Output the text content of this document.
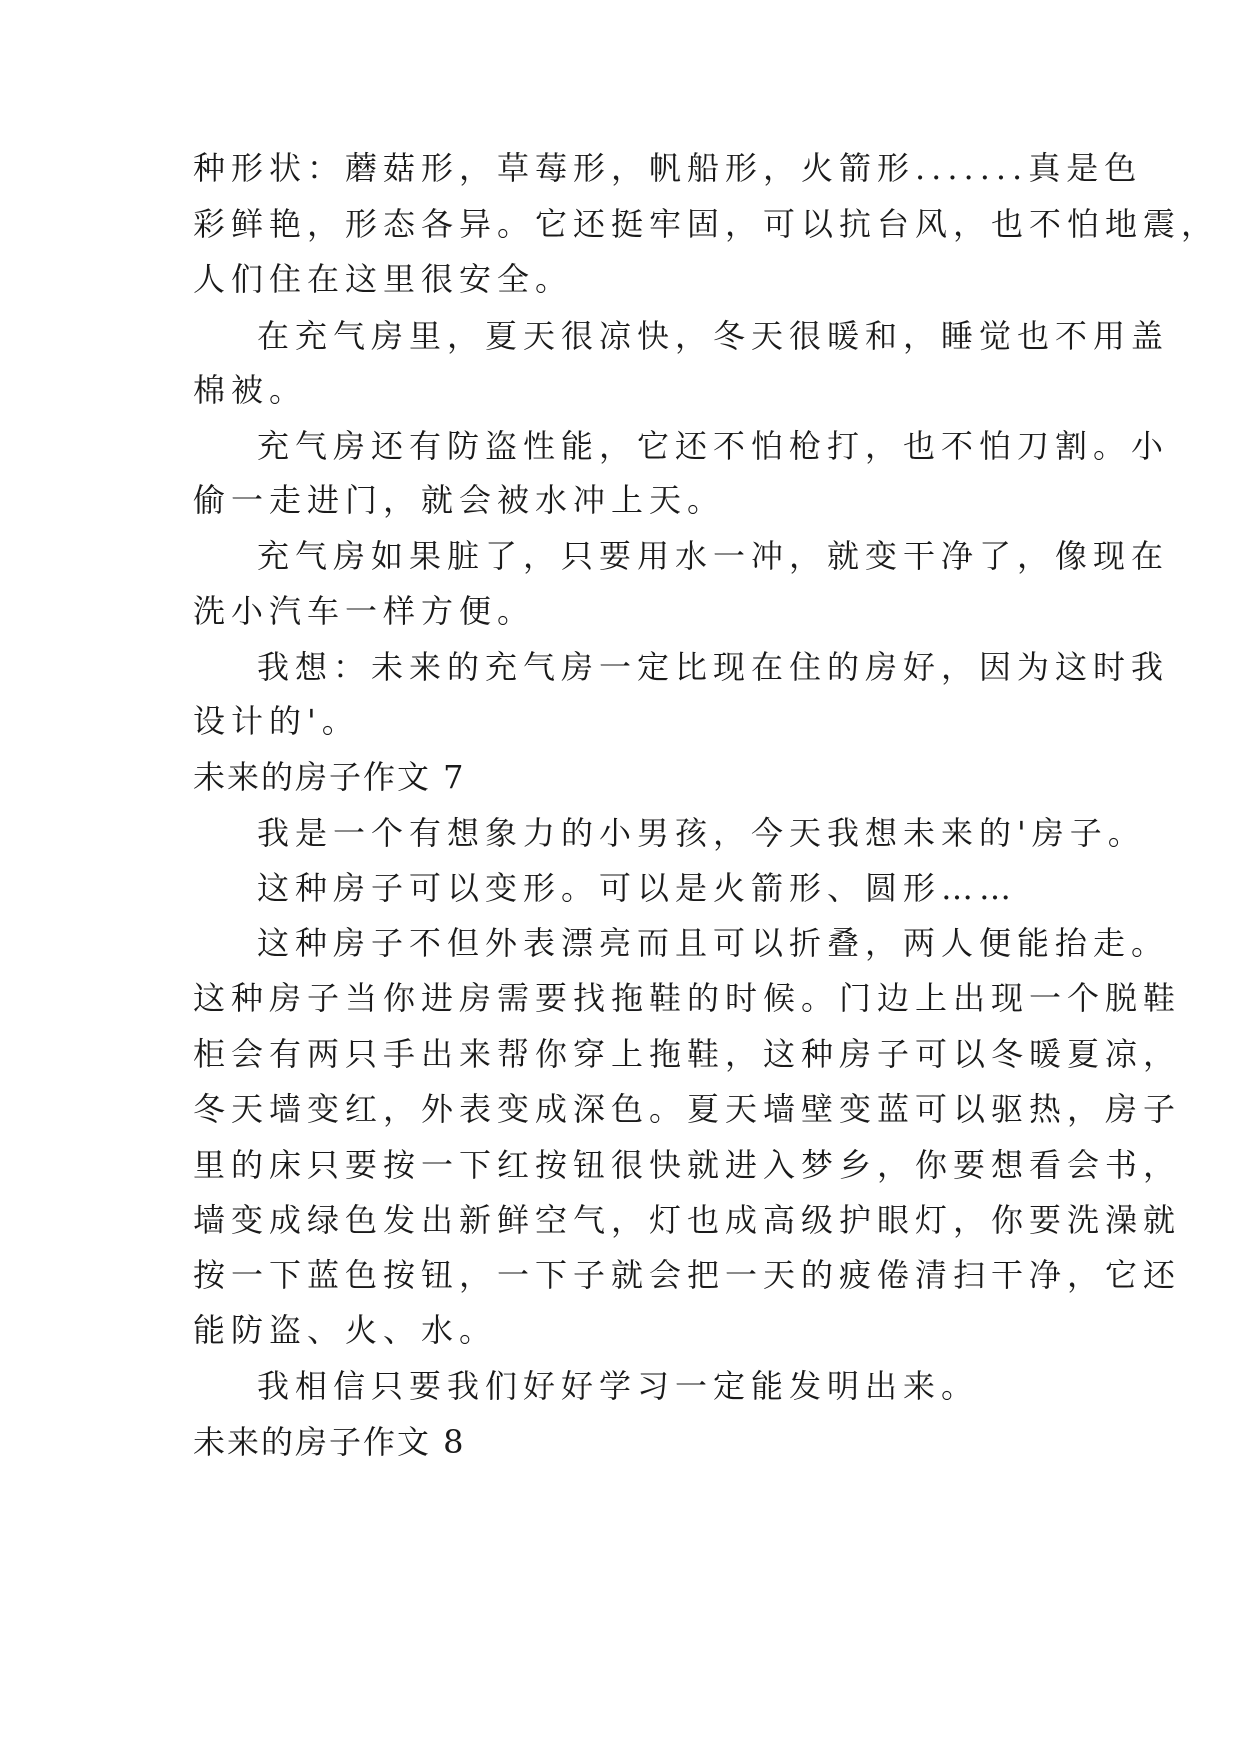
种形状：蘑菇形，草莓形，帆船形，火箭形.......真是色
彩鲜艳，形态各异。它还挺牢固，可以抗台风，也不怕地震，
人们住在这里很安全。
在充气房里，夏天很凉快，冬天很暖和，睡觉也不用盖
棉被。
充气房还有防盗性能，它还不怕枪打，也不怕刀割。小
偷一走进门，就会被水冲上天。
充气房如果脏了，只要用水一冲，就变干净了，像现在
洗小汽车一样方便。
我想：未来的充气房一定比现在住的房好，因为这时我
设计的'。
未来的房子作文 7
我是一个有想象力的小男孩，今天我想未来的'房子。
这种房子可以变形。可以是火箭形、圆形……
这种房子不但外表漂亮而且可以折叠，两人便能抬走。
这种房子当你进房需要找拖鞋的时候。门边上出现一个脱鞋
柜会有两只手出来帮你穿上拖鞋，这种房子可以冬暖夏凉，
冬天墙变红，外表变成深色。夏天墙壁变蓝可以驱热，房子
里的床只要按一下红按钮很快就进入梦乡，你要想看会书，
墙变成绿色发出新鲜空气，灯也成高级护眼灯，你要洗澡就
按一下蓝色按钮，一下子就会把一天的疲倦清扫干净，它还
能防盗、火、水。
我相信只要我们好好学习一定能发明出来。
未来的房子作文 8
